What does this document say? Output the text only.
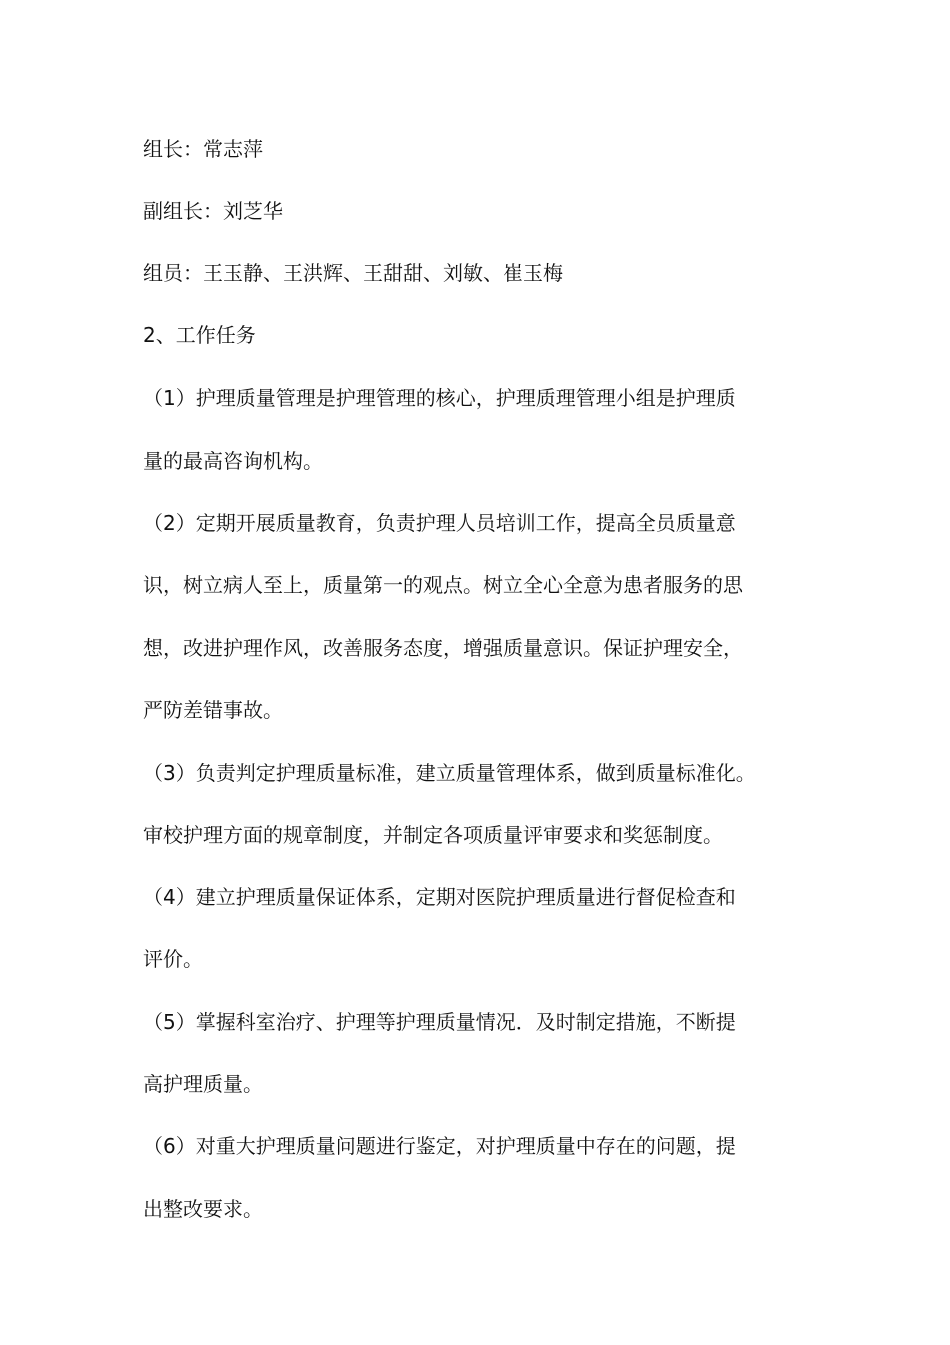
组长：常志萍
副组长：刘芝华
组员：王玉静、王洪辉、王甜甜、刘敏、崔玉梅
2、工作任务
（1）护理质量管理是护理管理的核心，护理质理管理小组是护理质
量的最高咨询机构。
（2）定期开展质量教育，负责护理人员培训工作，提高全员质量意
识，树立病人至上，质量第一的观点。树立全心全意为患者服务的思
想，改进护理作风，改善服务态度，增强质量意识。保证护理安全，
严防差错事故。
（3）负责判定护理质量标准，建立质量管理体系，做到质量标准化。
审校护理方面的规章制度，并制定各项质量评审要求和奖惩制度。
（4）建立护理质量保证体系，定期对医院护理质量进行督促检查和
评价。
（5）掌握科室治疗、护理等护理质量情况．及时制定措施，不断提
高护理质量。
（6）对重大护理质量问题进行鉴定，对护理质量中存在的问题，提
出整改要求。
